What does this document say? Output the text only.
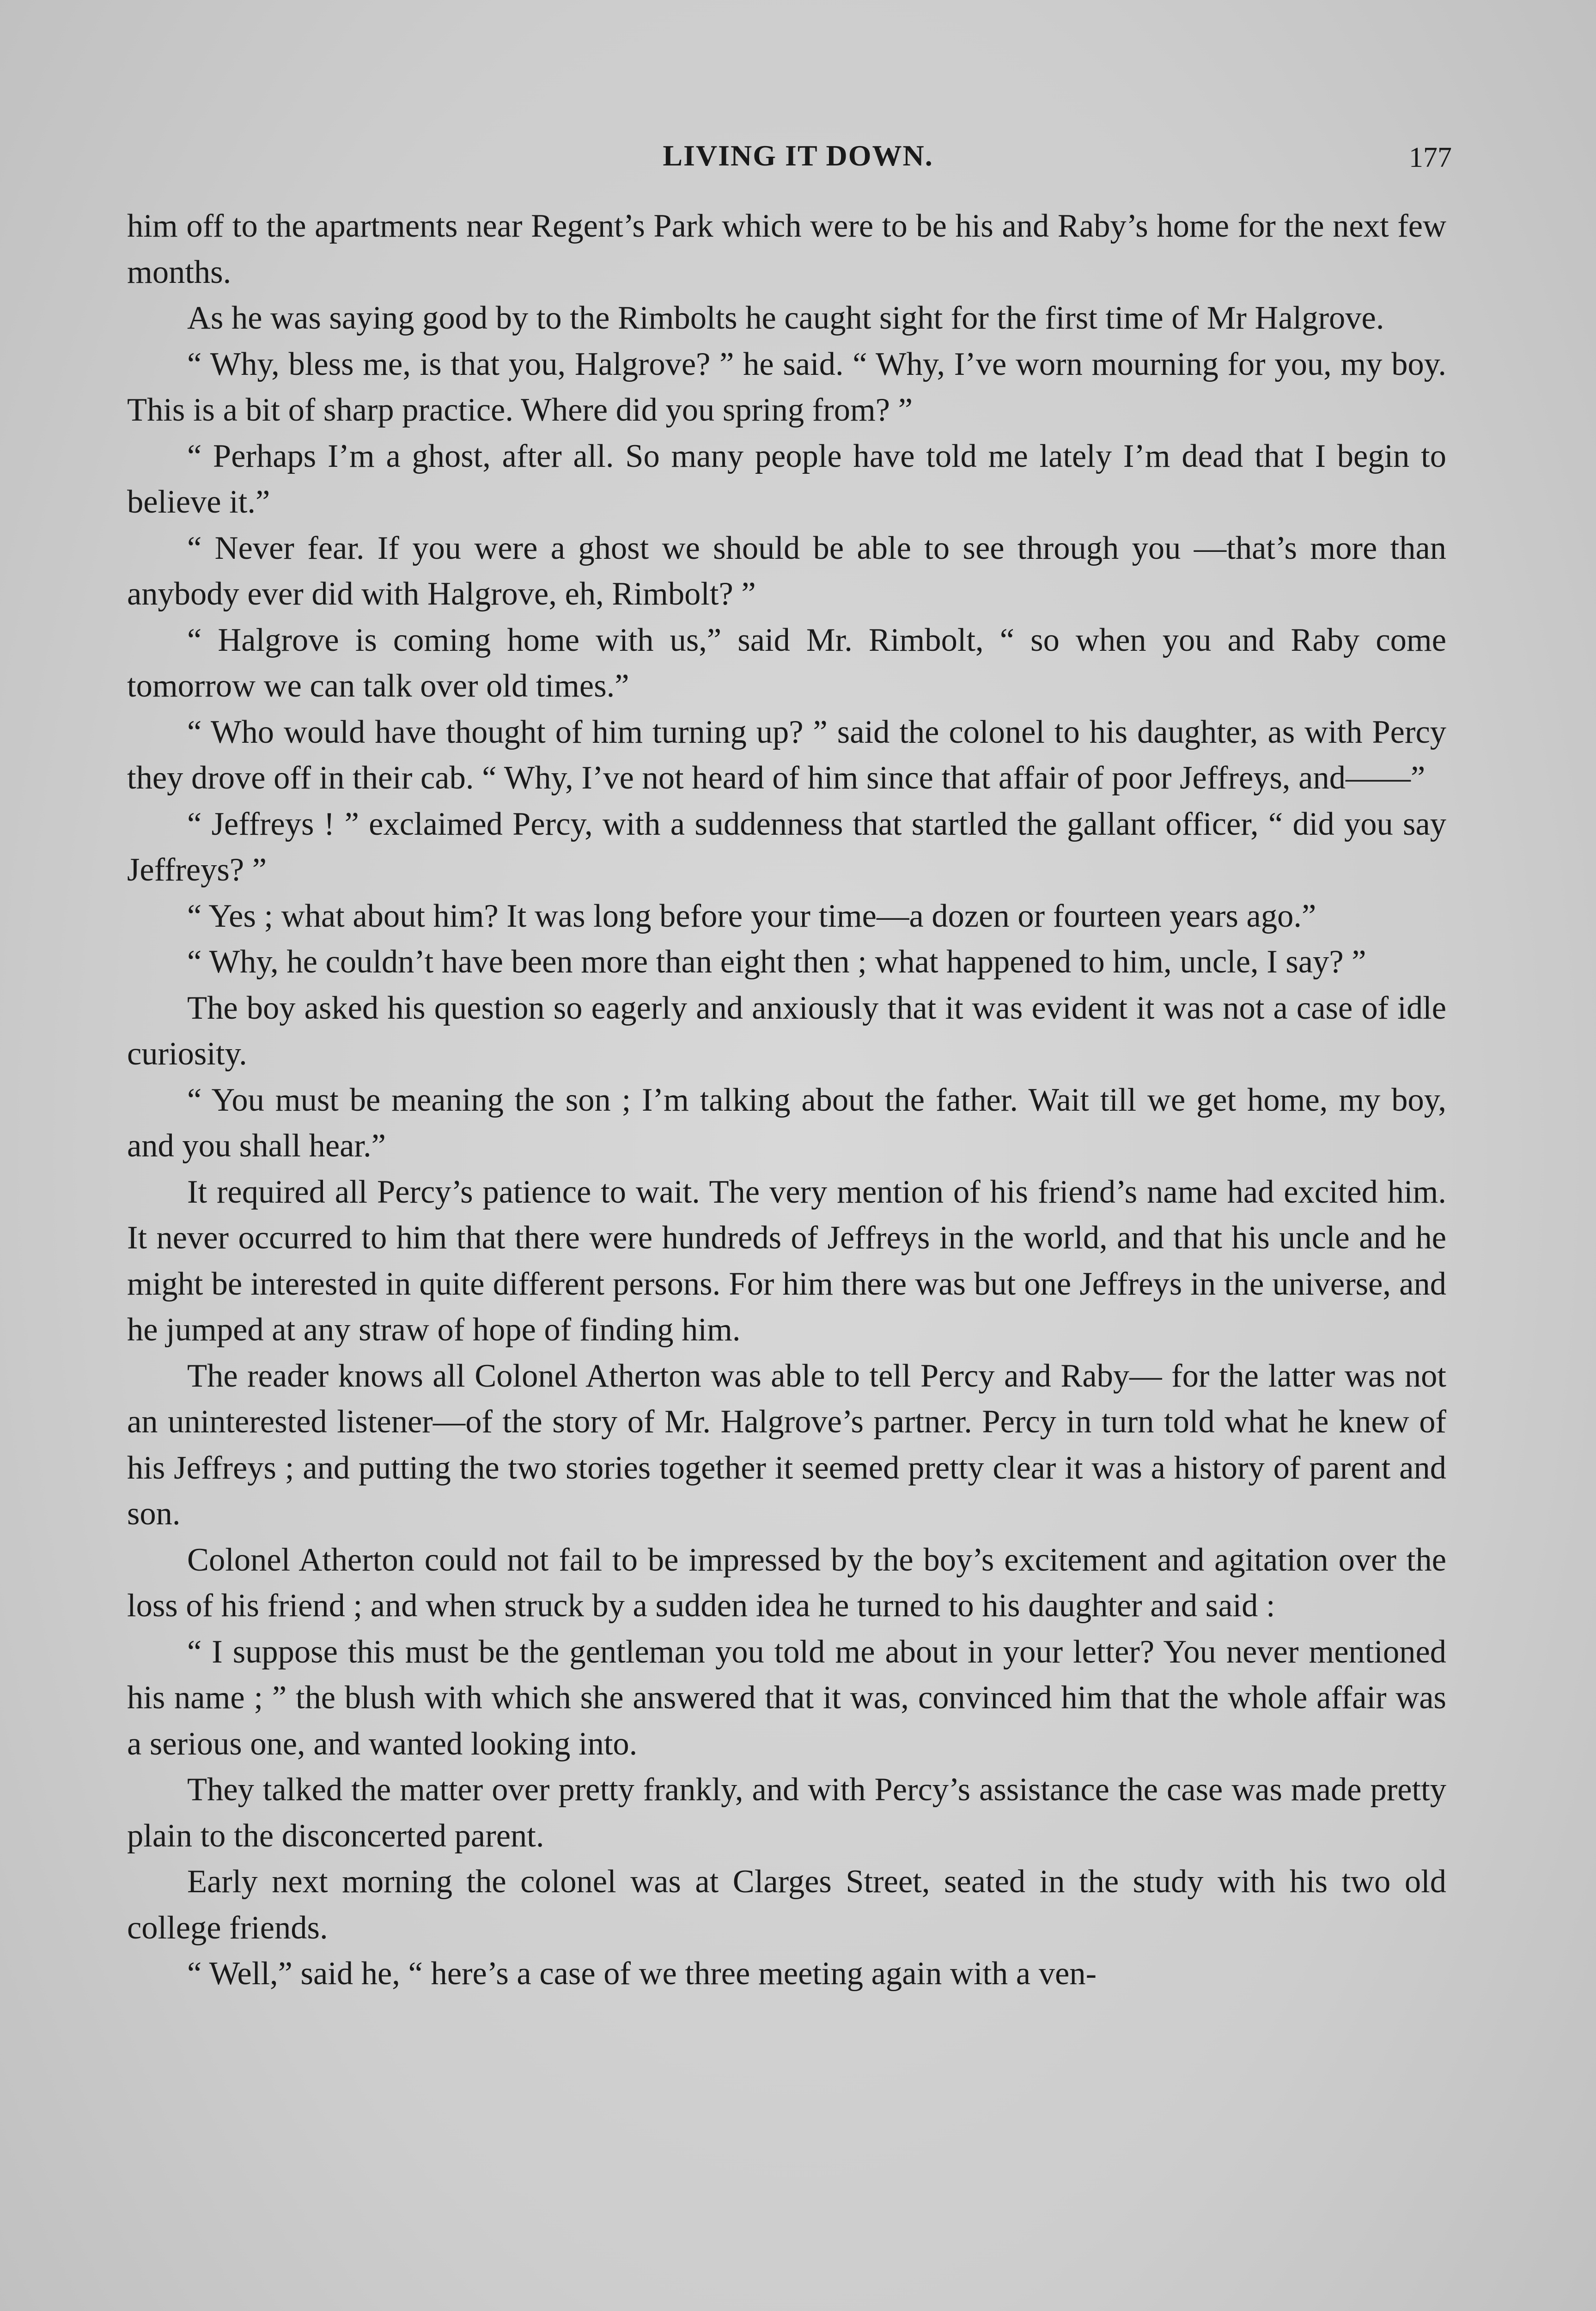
LIVING IT DOWN.	177

him off to the apartments near Regent’s Park which were to be his and Raby’s home for the next few months.

As he was saying good by to the Rimbolts he caught sight for the first time of Mr Halgrove.

“ Why, bless me, is that you, Halgrove? ” he said. “ Why, I’ve worn mourning for you, my boy. This is a bit of sharp practice. Where did you spring from? ”

“ Perhaps I’m a ghost, after all. So many people have told me lately I’m dead that I begin to believe it.”

“ Never fear. If you were a ghost we should be able to see through you —that’s more than anybody ever did with Halgrove, eh, Rimbolt? ”

“ Halgrove is coming home with us,” said Mr. Rimbolt, “ so when you and Raby come tomorrow we can talk over old times.”

“ Who would have thought of him turning up? ” said the colonel to his daughter, as with Percy they drove off in their cab. “ Why, I’ve not heard of him since that affair of poor Jeffreys, and——”

“ Jeffreys ! ” exclaimed Percy, with a suddenness that startled the gallant officer, “ did you say Jeffreys? ”

“ Yes ; what about him? It was long before your time—a dozen or fourteen years ago.”

“ Why, he couldn’t have been more than eight then ; what happened to him, uncle, I say? ”

The boy asked his question so eagerly and anxiously that it was evident it was not a case of idle curiosity.

“ You must be meaning the son ; I’m talking about the father. Wait till we get home, my boy, and you shall hear.”

It required all Percy’s patience to wait. The very mention of his friend’s name had excited him. It never occurred to him that there were hundreds of Jeffreys in the world, and that his uncle and he might be interested in quite different persons. For him there was but one Jeffreys in the universe, and he jumped at any straw of hope of finding him.

The reader knows all Colonel Atherton was able to tell Percy and Raby— for the latter was not an uninterested listener—of the story of Mr. Halgrove’s partner. Percy in turn told what he knew of his Jeffreys ; and putting the two stories together it seemed pretty clear it was a history of parent and son.

Colonel Atherton could not fail to be impressed by the boy’s excitement and agitation over the loss of his friend ; and when struck by a sudden idea he turned to his daughter and said :

“ I suppose this must be the gentleman you told me about in your letter? You never mentioned his name ; ” the blush with which she answered that it was, convinced him that the whole affair was a serious one, and wanted looking into.

They talked the matter over pretty frankly, and with Percy’s assistance the case was made pretty plain to the disconcerted parent.

Early next morning the colonel was at Clarges Street, seated in the study with his two old college friends.

“ Well,” said he, “ here’s a case of we three meeting again with a ven-
